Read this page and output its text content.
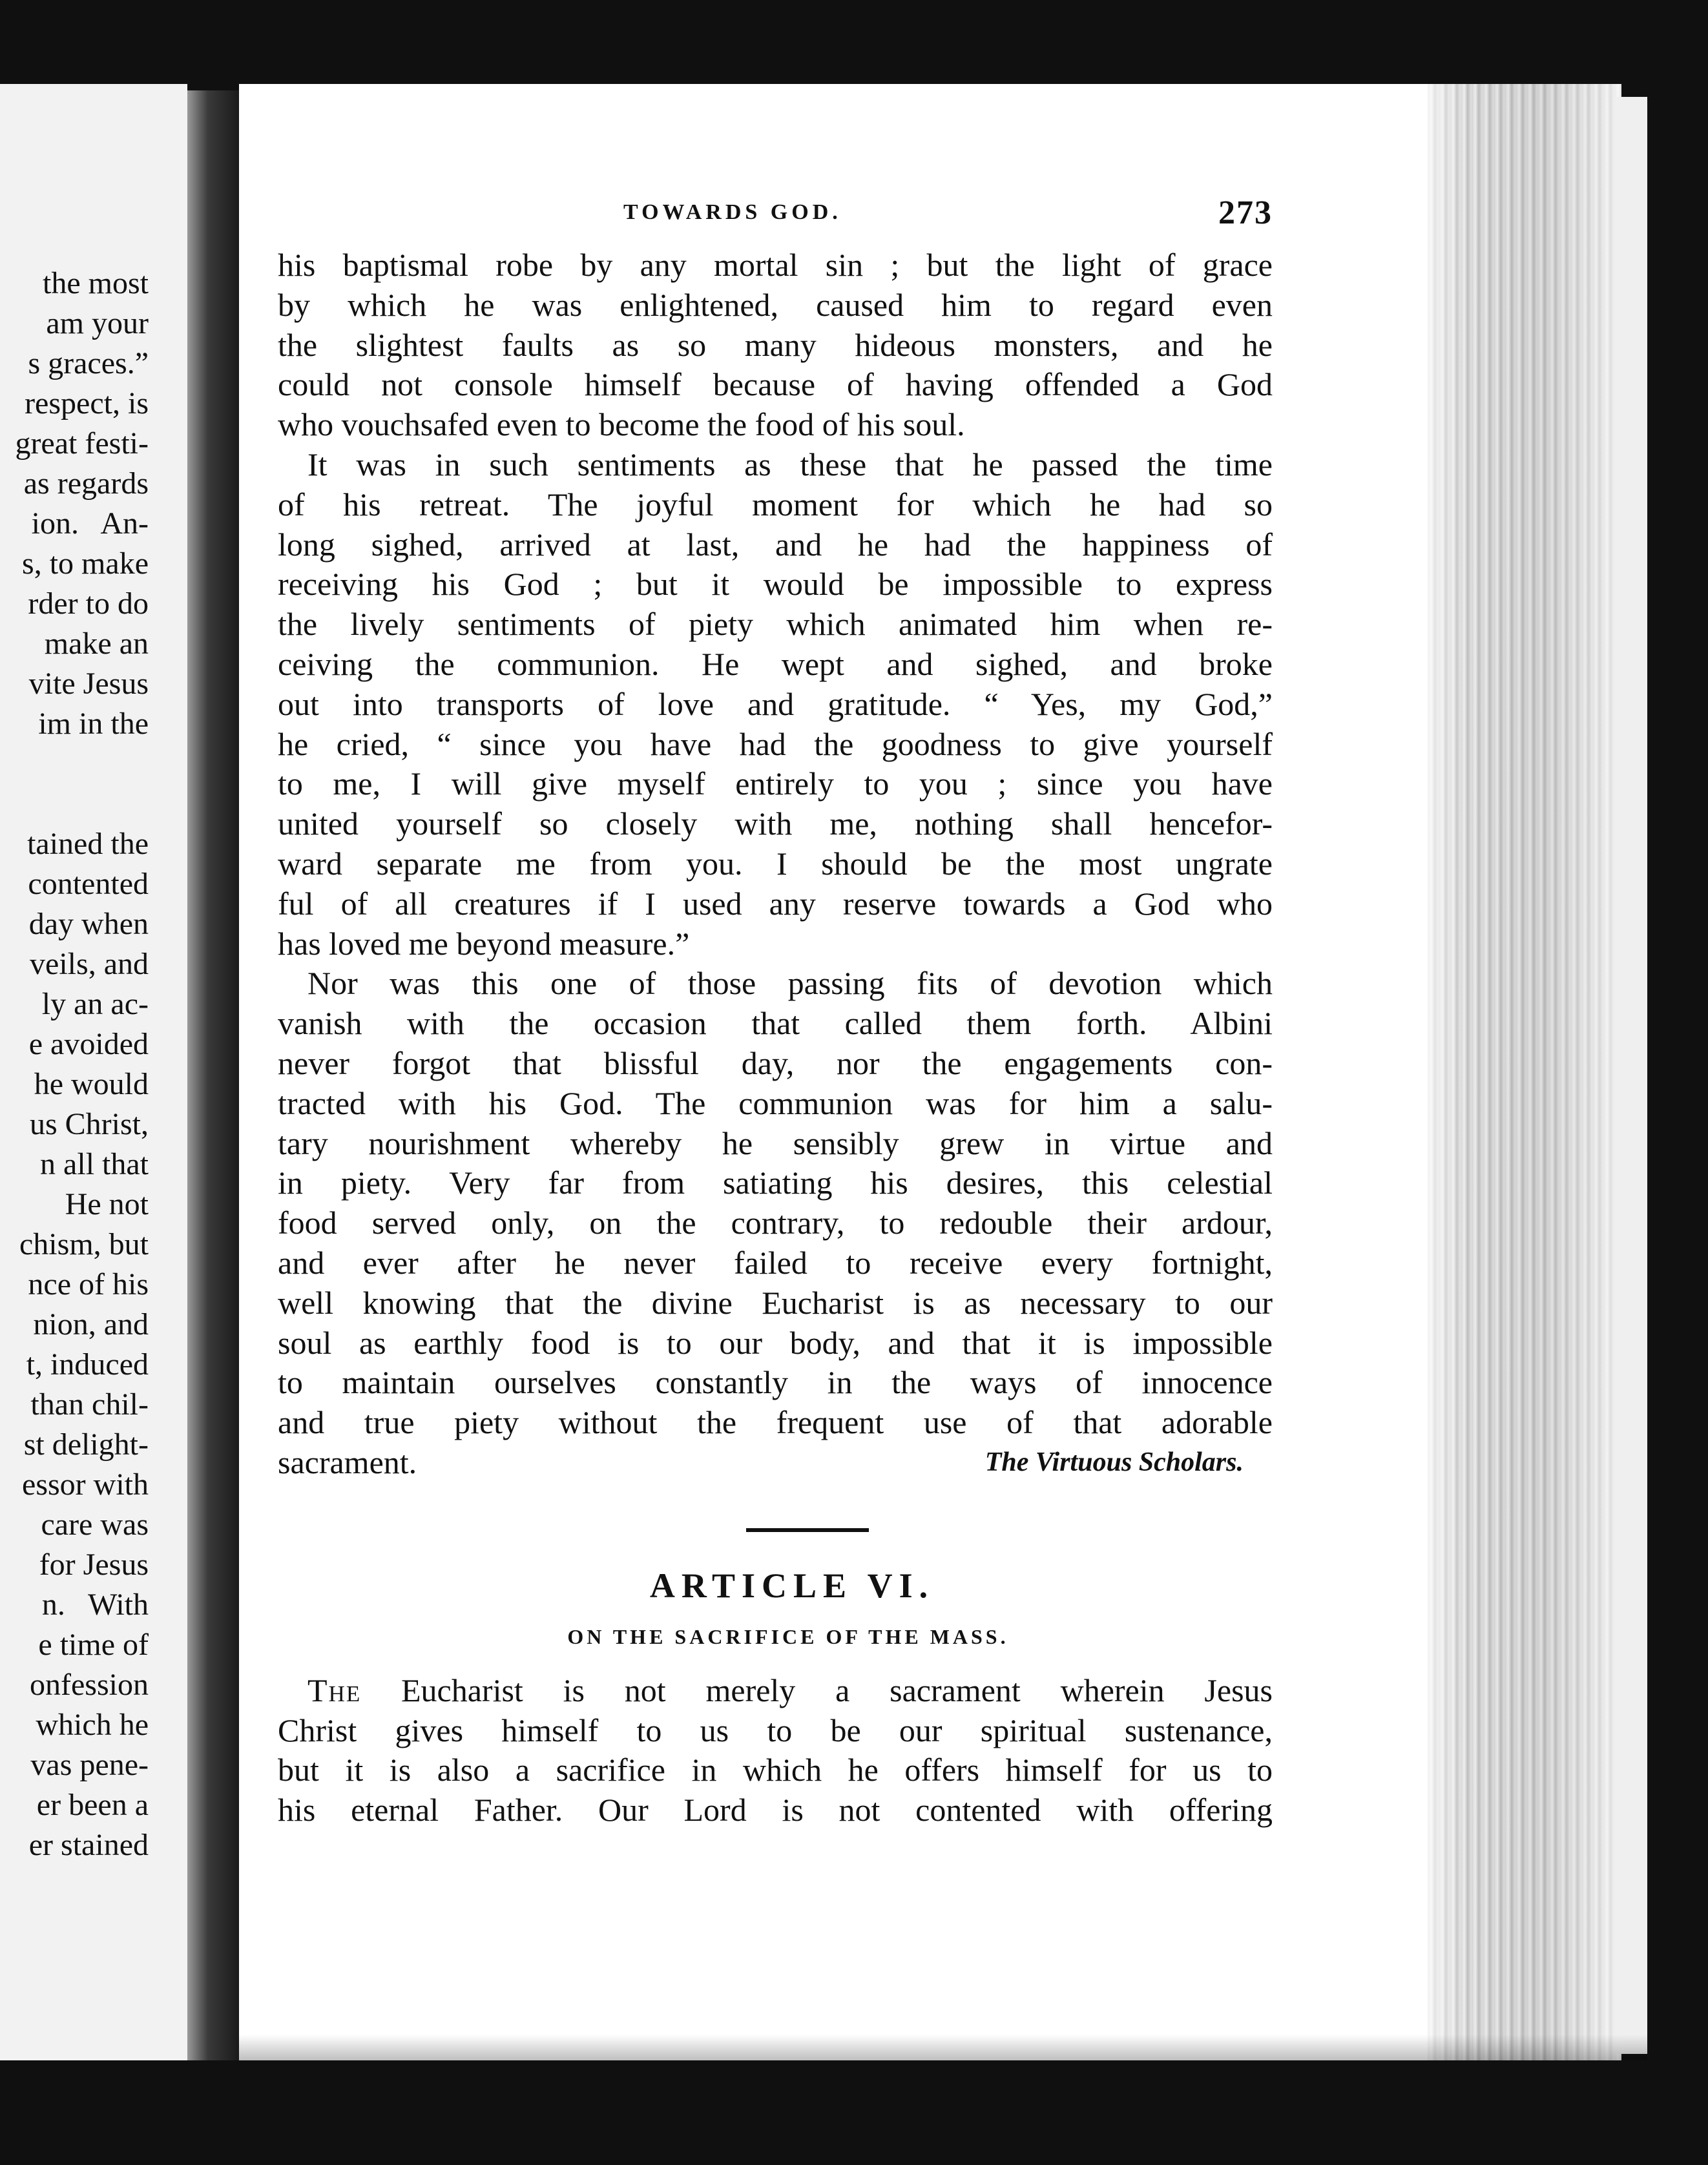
the most
am your
s graces.”
respect, is
great festi-
as regards
ion.   An-
s, to make
rder to do
make an
vite Jesus
im in the
tained the
contented
day when
veils, and
ly an ac-
e avoided
he would
us Christ,
n all that
He not
chism, but
nce of his
nion, and
t, induced
than chil-
st delight-
essor with
care was
for Jesus
n.   With
e time of
onfession
which he
vas pene-
er been a
er stained
TOWARDS GOD.	273

his baptismal robe by any mortal sin ; but the light of grace
by which he was enlightened, caused him to regard even
the slightest faults as so many hideous monsters, and he
could not console himself because of having offended a God
who vouchsafed even to become the food of his soul.

It was in such sentiments as these that he passed the time
of his retreat. The joyful moment for which he had so
long sighed, arrived at last, and he had the happiness of
receiving his God ; but it would be impossible to express
the lively sentiments of piety which animated him when re-
ceiving the communion. He wept and sighed, and broke
out into transports of love and gratitude. “ Yes, my God,”
he cried, “ since you have had the goodness to give yourself
to me, I will give myself entirely to you ; since you have
united yourself so closely with me, nothing shall hencefor-
ward separate me from you. I should be the most ungrate
ful of all creatures if I used any reserve towards a God who
has loved me beyond measure.”

Nor was this one of those passing fits of devotion which
vanish with the occasion that called them forth. Albini
never forgot that blissful day, nor the engagements con-
tracted with his God. The communion was for him a salu-
tary nourishment whereby he sensibly grew in virtue and
in piety. Very far from satiating his desires, this celestial
food served only, on the contrary, to redouble their ardour,
and ever after he never failed to receive every fortnight,
well knowing that the divine Eucharist is as necessary to our
soul as earthly food is to our body, and that it is impossible
to maintain ourselves constantly in the ways of innocence
and true piety without the frequent use of that adorable

sacrament.	The Virtuous Scholars.
ARTICLE VI.
ON THE SACRIFICE OF THE MASS.

The Eucharist is not merely a sacrament wherein Jesus
Christ gives himself to us to be our spiritual sustenance,
but it is also a sacrifice in which he offers himself for us to
his eternal Father. Our Lord is not contented with offering
